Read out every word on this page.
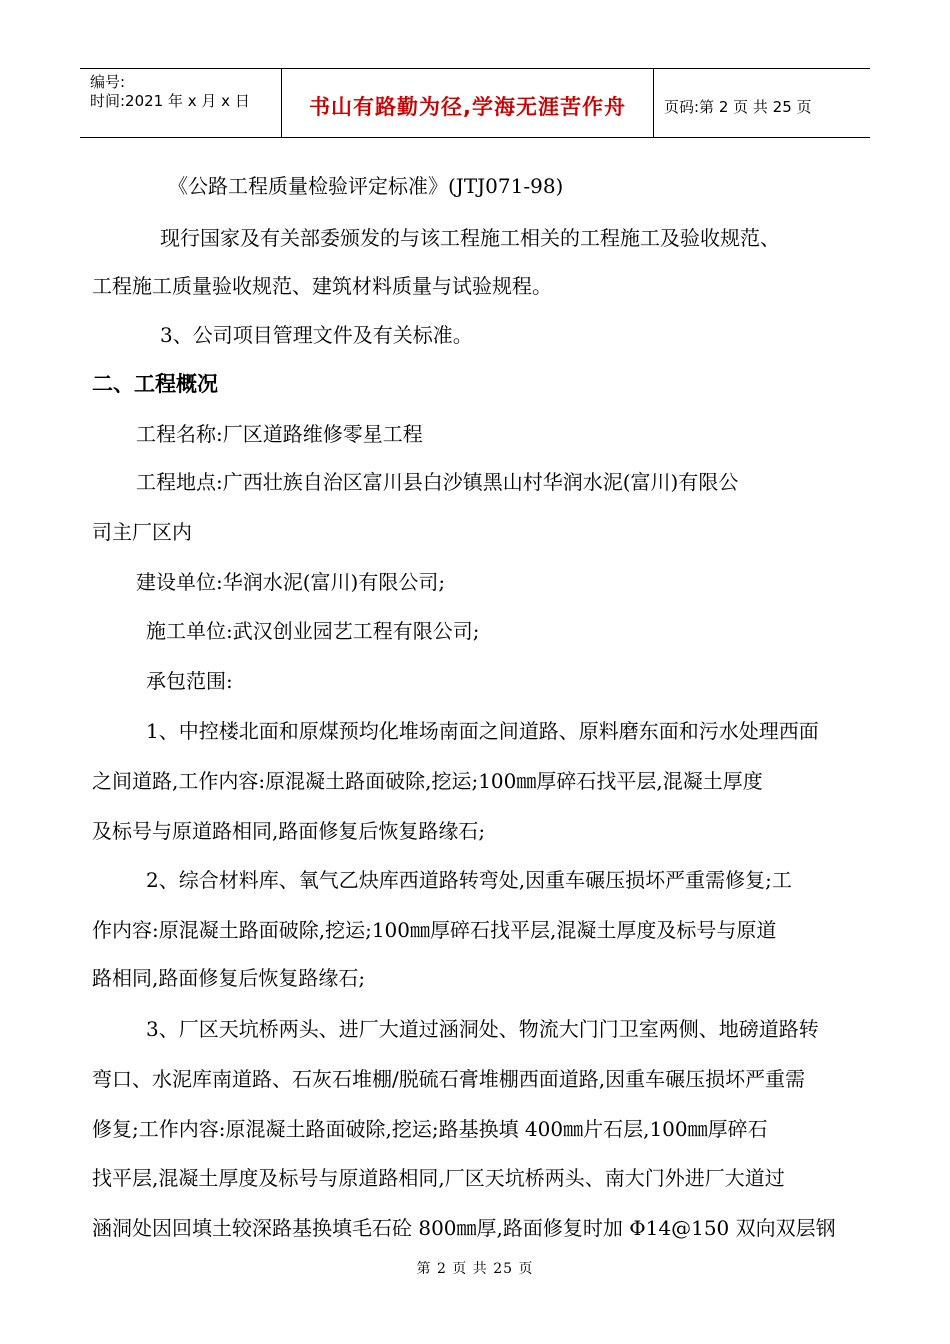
编号:
时间:2021 年 x 月 x 日	书山有路勤为径,学海无涯苦作舟	页码:第 2 页 共 25 页
《公路工程质量检验评定标准》(JTJ071-98)
现行国家及有关部委颁发的与该工程施工相关的工程施工及验收规范、
工程施工质量验收规范、建筑材料质量与试验规程。
3、公司项目管理文件及有关标准。
二、工程概况
工程名称:厂区道路维修零星工程
工程地点:广西壮族自治区富川县白沙镇黑山村华润水泥(富川)有限公
司主厂区内
建设单位:华润水泥(富川)有限公司;
施工单位:武汉创业园艺工程有限公司;
承包范围:
1、中控楼北面和原煤预均化堆场南面之间道路、原料磨东面和污水处理西面
之间道路,工作内容:原混凝土路面破除,挖运;100㎜厚碎石找平层,混凝土厚度
及标号与原道路相同,路面修复后恢复路缘石;
2、综合材料库、氧气乙炔库西道路转弯处,因重车碾压损坏严重需修复;工
作内容:原混凝土路面破除,挖运;100㎜厚碎石找平层,混凝土厚度及标号与原道
路相同,路面修复后恢复路缘石;
3、厂区天坑桥两头、进厂大道过涵洞处、物流大门门卫室两侧、地磅道路转
弯口、水泥库南道路、石灰石堆棚/脱硫石膏堆棚西面道路,因重车碾压损坏严重需
修复;工作内容:原混凝土路面破除,挖运;路基换填 400㎜片石层,100㎜厚碎石
找平层,混凝土厚度及标号与原道路相同,厂区天坑桥两头、南大门外进厂大道过
涵洞处因回填土较深路基换填毛石砼 800㎜厚,路面修复时加 Φ14@150 双向双层钢
第 2 页 共 25 页
